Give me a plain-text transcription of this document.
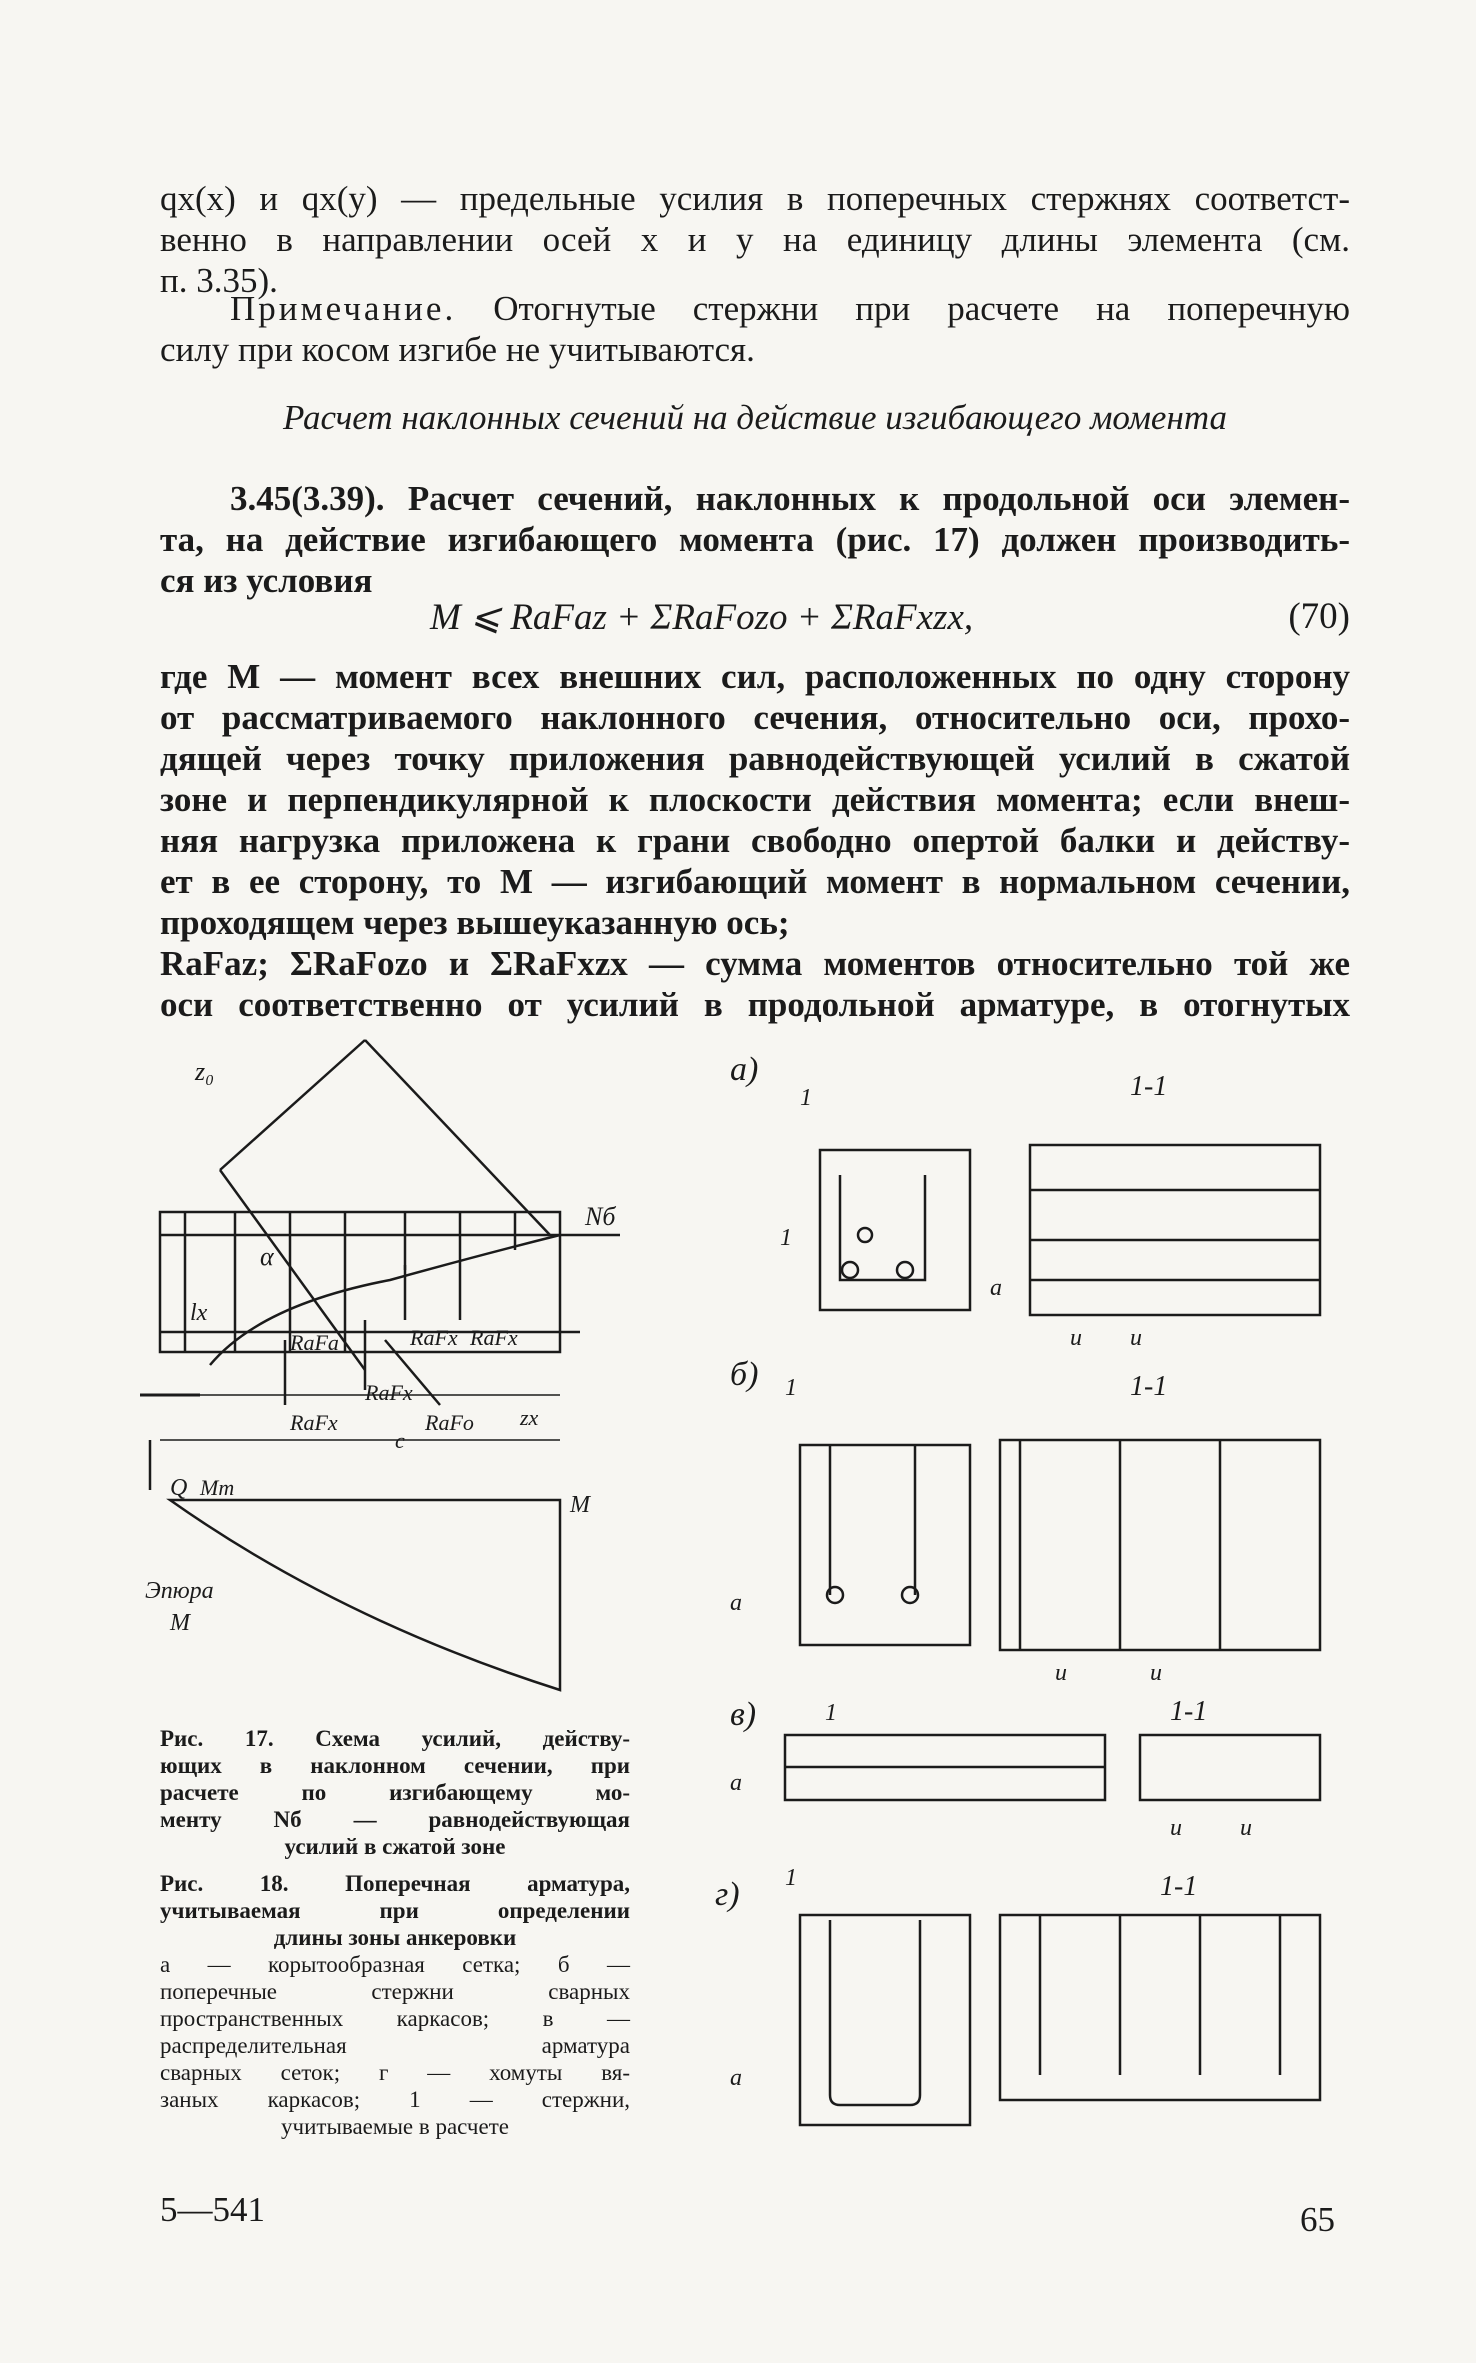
qx(x) и qx(y) — предельные усилия в поперечных стержнях соответст-
венно в направлении осей x и y на единицу длины элемента (см.
п. 3.35).

Примечание. Отогнутые стержни при расчете на поперечную
силу при косом изгибе не учитываются.

Расчет наклонных сечений на действие изгибающего момента

3.45(3.39). Расчет сечений, наклонных к продольной оси элемен-
та, на действие изгибающего момента (рис. 17) должен производить-
ся из условия

M ⩽ RaFaz + ΣRaFozo + ΣRaFxzx,	(70)

где M — момент всех внешних сил, расположенных по одну сторону
от рассматриваемого наклонного сечения, относительно оси, прохо-
дящей через точку приложения равнодействующей усилий в сжатой
зоне и перпендикулярной к плоскости действия момента; если внеш-
няя нагрузка приложена к грани свободно опертой балки и действу-
ет в ее сторону, то M — изгибающий момент в нормальном сечении,
проходящем через вышеуказанную ось;
RaFaz; ΣRaFozo и ΣRaFxzx — сумма моментов относительно той же
оси соответственно от усилий в продольной арматуре, в отогнутых

z₀
Nб
α
lx
RaFa	RaFx RaFx
RaFx
RaFx	RaFo
c
zx
Q Mт
M
Эпюра
M
а)
1	1-1
1
a
u u
б) 1	1-1
a
u	u
в)	1	1-1
a
u u
г) 1	1-1
a

Рис. 17. Схема усилий, действу-
ющих в наклонном сечении, при
расчете по изгибающему мо-
менту Nб — равнодействующая
усилий в сжатой зоне

Рис. 18. Поперечная арматура,
учитываемая при определении
длины зоны анкеровки
а — корытообразная сетка; б —
поперечные стержни сварных
пространственных каркасов; в —
распределительная арматура
сварных сеток; г — хомуты вя-
заных каркасов; 1 — стержни,
учитываемые в расчете

5—541	65
